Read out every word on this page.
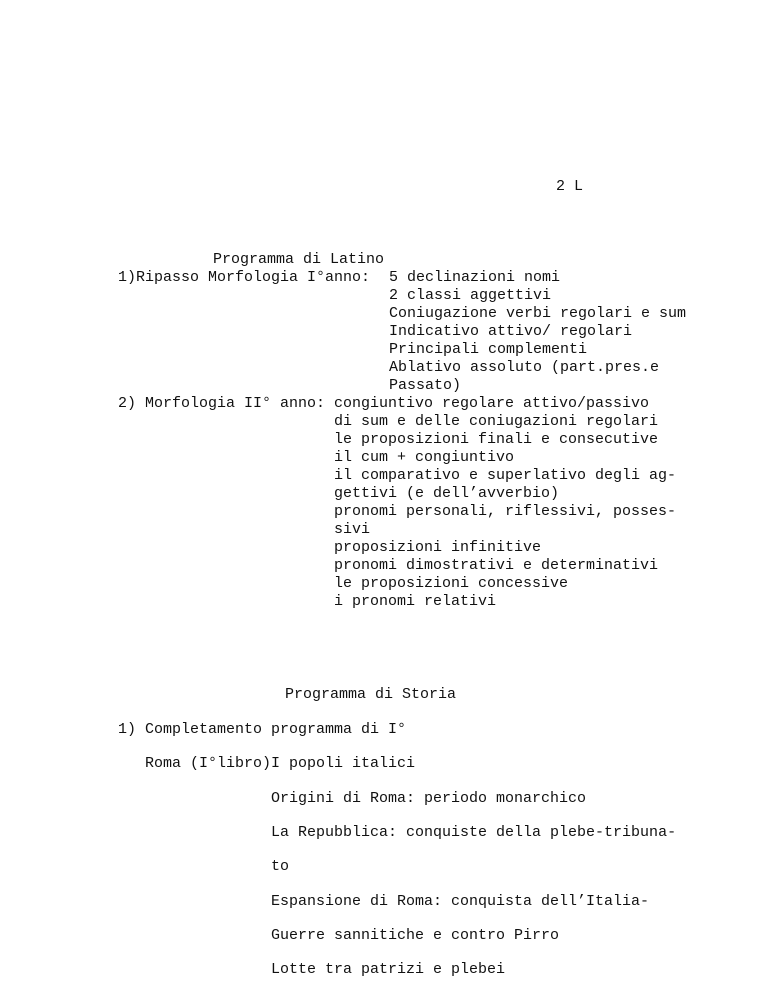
2 L
Programma di Latino
1)Ripasso Morfologia I°anno: 5 declinazioni nomi
2 classi aggettivi
Coniugazione verbi regolari e sum
Indicativo attivo/ regolari
Principali complementi
Ablativo assoluto (part.pres.e
Passato)
2) Morfologia II° anno: congiuntivo regolare attivo/passivo
di sum e delle coniugazioni regolari
le proposizioni finali e consecutive
il cum + congiuntivo
il comparativo e superlativo degli ag-
gettivi (e dell’avverbio)
pronomi personali, riflessivi, posses-
sivi
proposizioni infinitive
pronomi dimostrativi e determinativi
le proposizioni concessive
i pronomi relativi
Programma di Storia
1) Completamento programma di I°
Roma (I°libro) I popoli italici
Origini di Roma: periodo monarchico
La Repubblica: conquiste della plebe-tribuna-
to
Espansione di Roma: conquista dell’Italia-
Guerre sannitiche e contro Pirro
Lotte tra patrizi e plebei
